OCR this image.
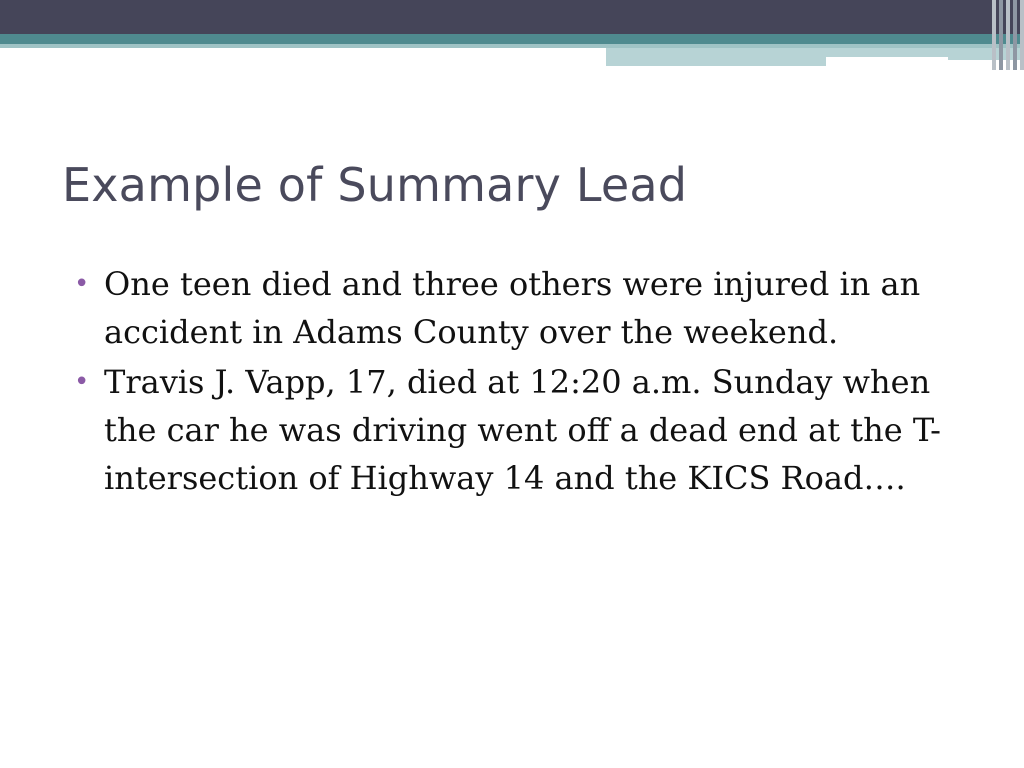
Example of Summary Lead
• One teen died and three others were injured in an accident in Adams County over the weekend.
• Travis J. Vapp, 17, died at 12:20 a.m. Sunday when the car he was driving went off a dead end at the T-intersection of Highway 14 and the KICS Road….
